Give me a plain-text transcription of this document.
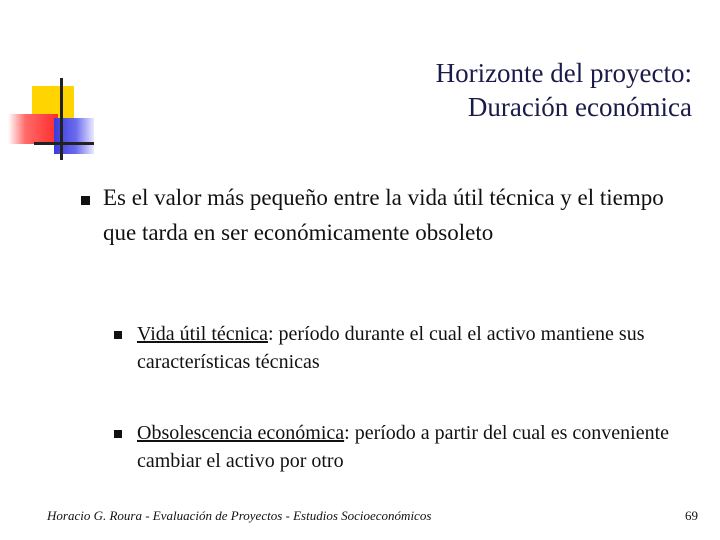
Horizonte del proyecto:
Duración económica
Es el valor más pequeño entre la vida útil técnica y el tiempo que tarda en ser económicamente obsoleto
Vida útil técnica: período durante el cual el activo mantiene sus características técnicas
Obsolescencia económica: período a partir del cual es conveniente cambiar el activo por otro
Horacio G. Roura - Evaluación de Proyectos - Estudios Socioeconómicos	69
